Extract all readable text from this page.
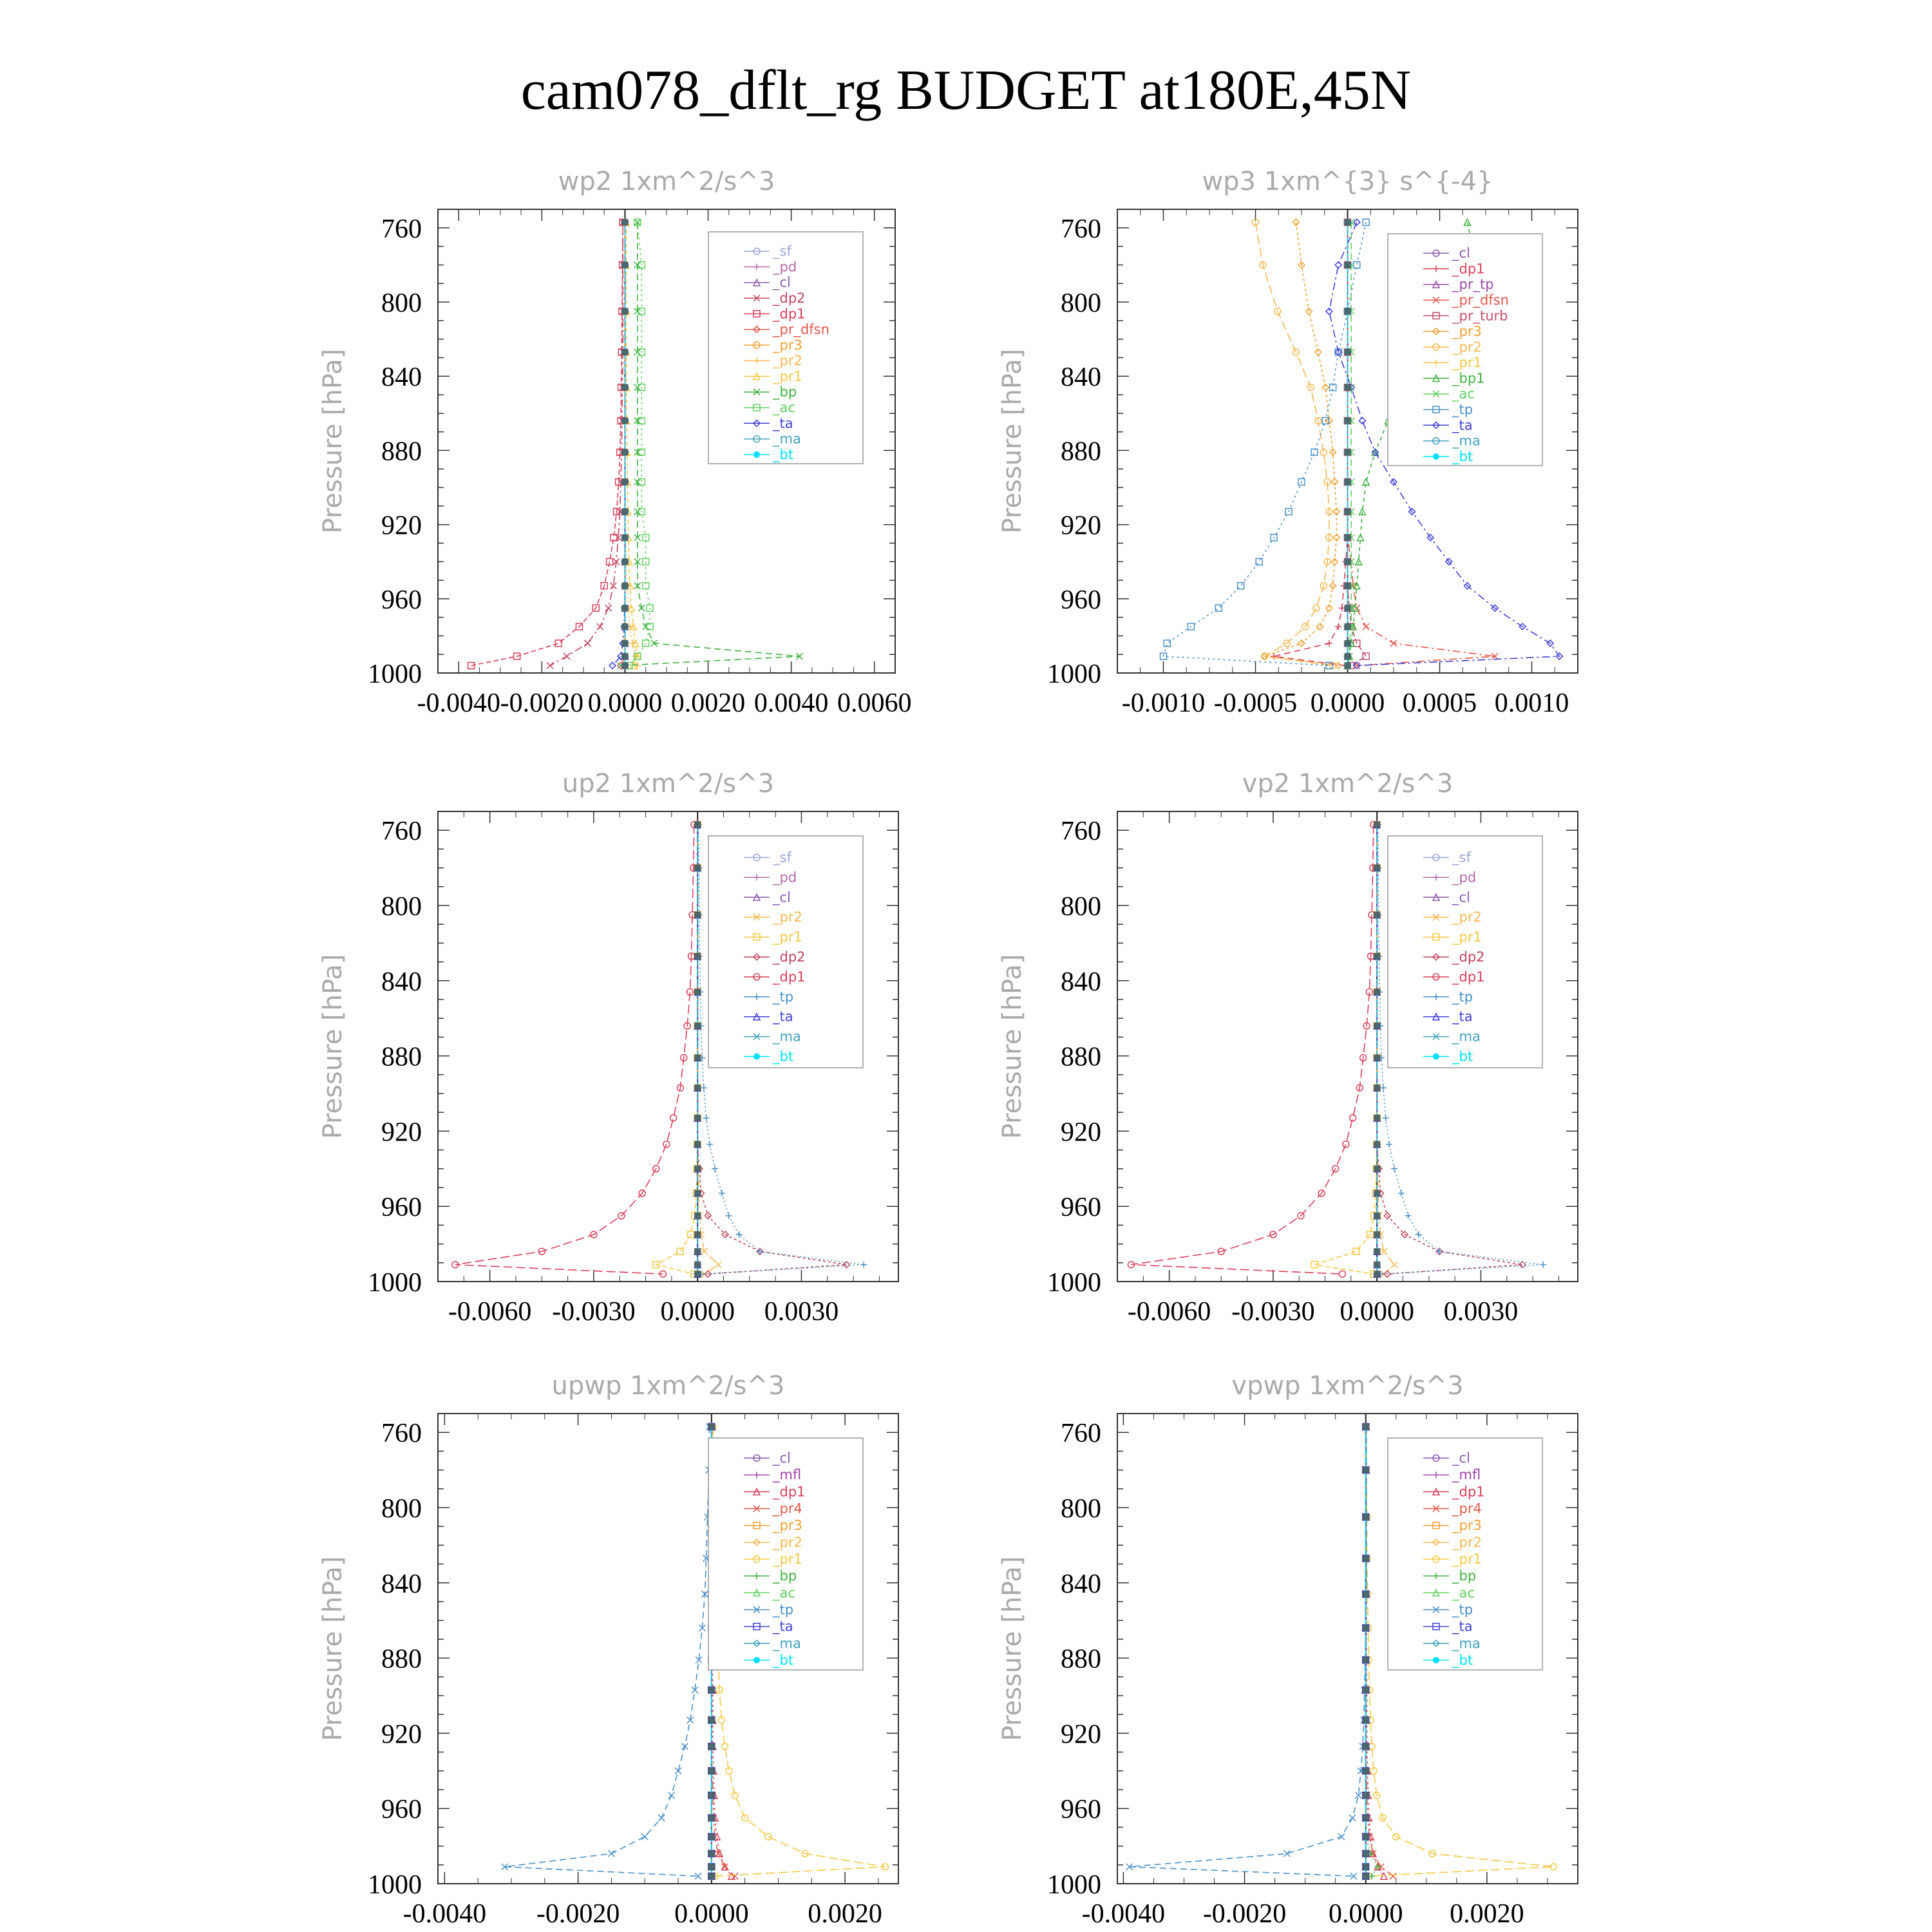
cam078_dflt_rg BUDGET at180E,45N
wp2 1xm^2/s^3
Pressure [hPa]
760
800
840
880
920
960
1000
-0.0040 -0.0020 0.0000 0.0020 0.0040 0.0060
_sf
_pd
_cl
_dp2
_dp1
_pr_dfsn
_pr3
_pr2
_pr1
_bp
_ac
_ta
_ma
_bt
wp3 1xm^{3} s^{-4}
Pressure [hPa]
760
800
840
880
920
960
1000
-0.0010 -0.0005 0.0000 0.0005 0.0010
_cl
_dp1
_pr_tp
_pr_dfsn
_pr_turb
_pr3
_pr2
_pr1
_bp1
_ac
_tp
_ta
_ma
_bt
up2 1xm^2/s^3
Pressure [hPa]
760
800
840
880
920
960
1000
-0.0060 -0.0030 0.0000 0.0030
_sf
_pd
_cl
_pr2
_pr1
_dp2
_dp1
_tp
_ta
_ma
_bt
vp2 1xm^2/s^3
Pressure [hPa]
760
800
840
880
920
960
1000
-0.0060 -0.0030 0.0000 0.0030
_sf
_pd
_cl
_pr2
_pr1
_dp2
_dp1
_tp
_ta
_ma
_bt
upwp 1xm^2/s^3
Pressure [hPa]
760
800
840
880
920
960
1000
-0.0040 -0.0020 0.0000 0.0020
_cl
_mfl
_dp1
_pr4
_pr3
_pr2
_pr1
_bp
_ac
_tp
_ta
_ma
_bt
vpwp 1xm^2/s^3
Pressure [hPa]
760
800
840
880
920
960
1000
-0.0040 -0.0020 0.0000 0.0020
_cl
_mfl
_dp1
_pr4
_pr3
_pr2
_pr1
_bp
_ac
_tp
_ta
_ma
_bt
